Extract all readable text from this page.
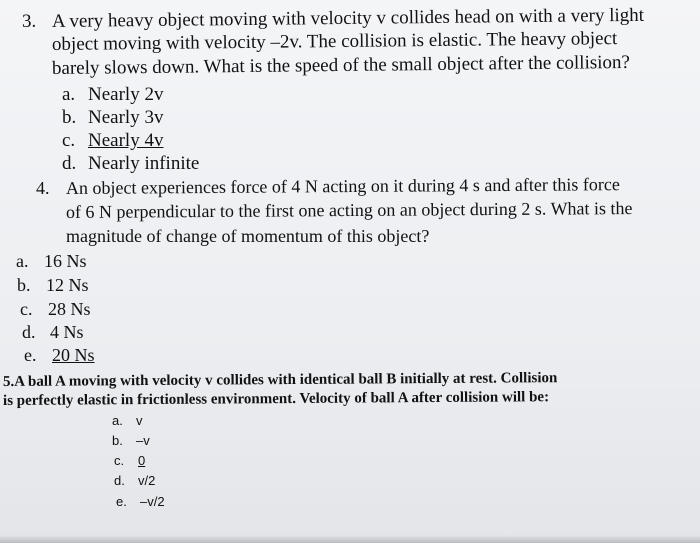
3. A very heavy object moving with velocity v collides head on with a very light
object moving with velocity –2v. The collision is elastic. The heavy object
barely slows down. What is the speed of the small object after the collision?
a. Nearly 2v
b. Nearly 3v
c. Nearly 4v
d. Nearly infinite
4. An object experiences force of 4 N acting on it during 4 s and after this force
of 6 N perpendicular to the first one acting on an object during 2 s. What is the
magnitude of change of momentum of this object?
a. 16 Ns
b. 12 Ns
c. 28 Ns
d. 4 Ns
e. 20 Ns
5.A ball A moving with velocity v collides with identical ball B initially at rest. Collision
is perfectly elastic in frictionless environment. Velocity of ball A after collision will be:
a. v
b. –v
c. 0
d. v/2
e. –v/2
